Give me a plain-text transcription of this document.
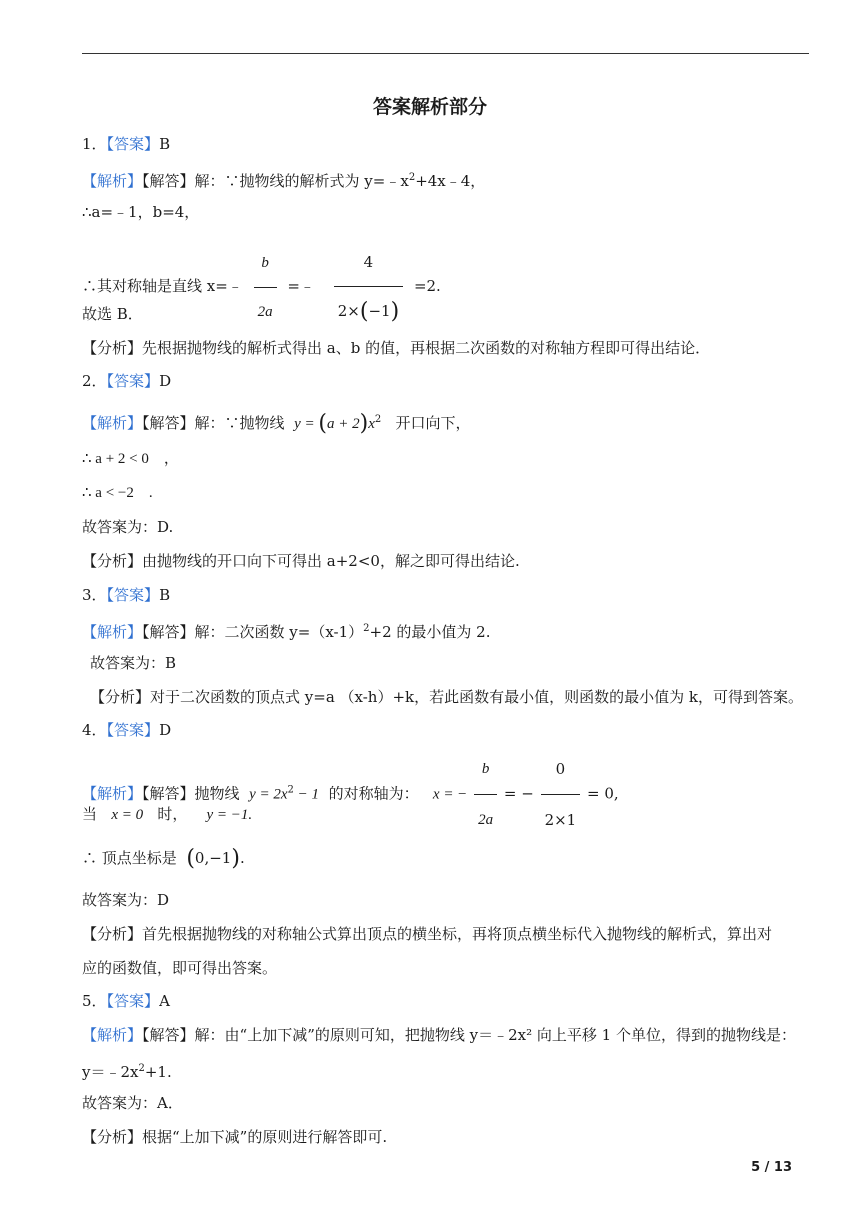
答案解析部分
1．【答案】B
【解析】【解答】解：∵抛物线的解析式为 $y=﹣x^2+4x﹣4$，
∴a=﹣1，b=4，
∴其对称轴是直线 x=﹣ $\frac{b}{2a}$ =﹣ $\frac{4}{2\times(-1)} =2$.
故选 B．
【分析】先根据抛物线的解析式得出 a、b 的值，再根据二次函数的对称轴方程即可得出结论．
2．【答案】D
【解析】【解答】解：∵抛物线 $y = (a + 2)x^2$ 开口向下，
∴ a + 2 < 0　，
∴ a < −2　.
故答案为：D.
【分析】由抛物线的开口向下可得出 a+2<0，解之即可得出结论.
3．【答案】B
【解析】【解答】解：二次函数 $y=(x-1)^2+2$ 的最小值为 2.
故答案为：B
【分析】对于二次函数的顶点式 y=a （x-h）+k，若此函数有最小值，则函数的最小值为 k，可得到答案。
4．【答案】D
【解析】【解答】抛物线 $y = 2x^2 - 1$ 的对称轴为： x = − $\frac{b}{2a}$ = − $\frac{0}{2\times 1} = 0$,
当 x = 0 时， y = −1.
∴ 顶点坐标是 (0,−1).
故答案为：D
【分析】首先根据抛物线的对称轴公式算出顶点的横坐标，再将顶点横坐标代入抛物线的解析式，算出对
应的函数值，即可得出答案。
5．【答案】A
【解析】【解答】解：由“上加下减”的原则可知，把抛物线 y＝﹣2x² 向上平移 1 个单位，得到的抛物线是：
$y=﹣2x^2+1$.
故答案为：A．
【分析】根据“上加下减”的原则进行解答即可.
5 / 13
